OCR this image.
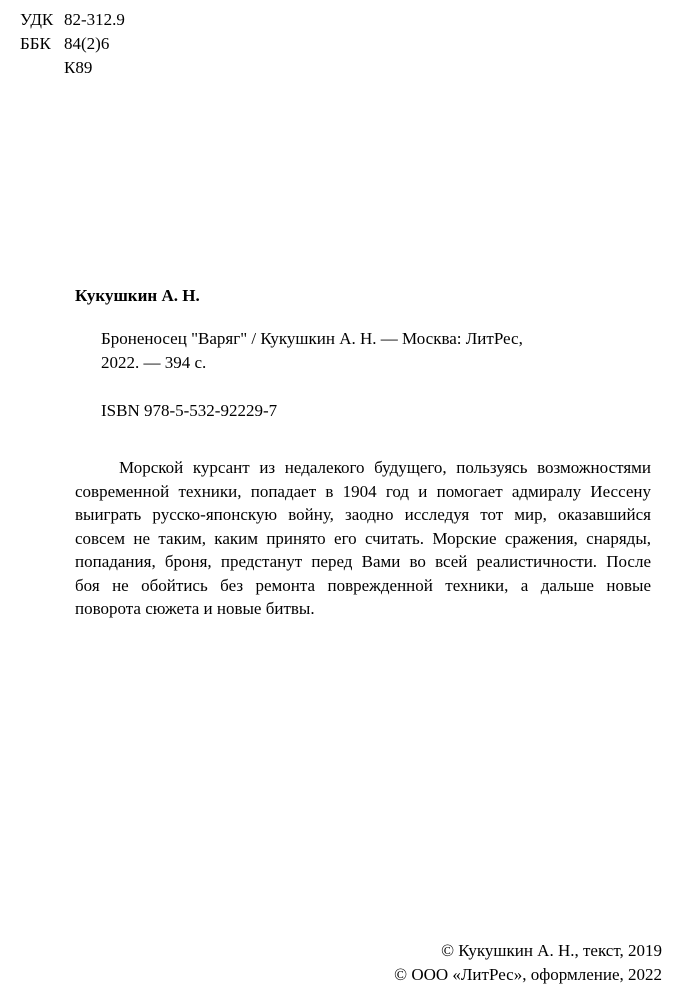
УДК 82-312.9
ББК 84(2)6
К89
Кукушкин А. Н.
Броненосец "Варяг" / Кукушкин А. Н. — Москва: ЛитРес,
2022. — 394 с.
ISBN 978-5-532-92229-7
Морской курсант из недалекого будущего, пользуясь возможностями
современной техники, попадает в 1904 год и помогает адмиралу Иессену
выиграть русско-японскую войну, заодно исследуя тот мир, оказавшийся
совсем не таким, каким принято его считать. Морские сражения, снаряды,
попадания, броня, предстанут перед Вами во всей реалистичности. После
боя не обойтись без ремонта поврежденной техники, а дальше новые
поворота сюжета и новые битвы.
© Кукушкин А. Н., текст, 2019
© ООО «ЛитРес», оформление, 2022
